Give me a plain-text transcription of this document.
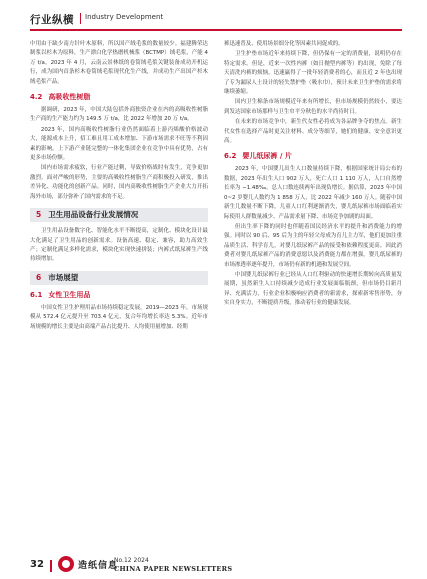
行业纵横 Industry Development

中用由于缺少南方针叶木原料，所以国产绒毛浆的数量较少。福建腾荣达制浆以杉木为原料，生产漂白化学热磨机械浆（BCTMP）绒毛浆，产能 4 万 t/a。2023 年 4 月，云南云景林纸的卷筒绒毛浆关键装备成功开机运行，成为国内首条杉木卷筒绒毛浆现代化生产线，并成功生产出国产杉木绒毛浆产品。

4.2 高吸收性树脂

据调研，2023 年，中国大陆包括外商独资企业在内的高吸收性树脂生产商的生产能力约为 149.5 万 t/a，比 2022 年增加 20 万 t/a。

2023 年，国内高吸收性树脂行业仍然面临着上游丙烯酸价格波动大，能源成本上升，招工难且用工成本增加、下游市场需求不旺等不利因素的影响。上下游产业链完整的一体化集团企业在竞争中具有优势，占有更多市场份额。

国内市场需求疲软，行业产能过剩，导致价格战时有发生，竞争更加激烈。面对严峻的形势，主要的高吸收性树脂生产商积极投入研发，推出差异化、功能化的创新产品。同时，国内高吸收性树脂生产企业大力开拓海外市场，部分弥补了国内需求的不足。

5 卫生用品设备行业发展情况

卫生用品设备数字化、智能化水平不断提高，定制化、模块化设计最大化满足了卫生用品的创新需求。设备高速、稳定、兼容，助力高效生产；定制化满足多样化需求，模块化实现快速拼装；内裤式纸尿裤生产线持续增加。

6 市场展望
6.1 女性卫生用品

中国女性卫生护理用品市场持续稳定发展，2019—2023 年，市场规模从 572.4 亿元提升至 703.4 亿元，复合年均增长率达 5.3%。近年市场规模的增长主要是由高端产品占比提升、人均使用量增加、经期

裤迅速普及、使用场景细分化等因素共同促成的。

卫生护垫市场近年来持续下降，但仍保有一定的消费量，说明仍存在特定需求。但是，近来一次性内裤（如日抛型内裤等）的出现，免除了每天清洗内裤的烦恼，迅速赢得了一批年轻消费者的心，而且近 2 年也出现了专为漏尿人士设计的轻失禁护垫（吸水巾），预计未来卫生护垫的需求将继续萎缩。

国内卫生棉条市场规模近年来有所增长，但市场规模仍然较小，要达到发达国家市场那样与卫生巾平分秋色的水平尚待时日。

在未来的市场竞争中，新生代女性必将成为各品牌争夺的焦点。新生代女性在选择产品时更关注材料、成分等细节，她们的健康、安全意识更高。

6.2 婴儿纸尿裤 / 片

2023 年，中国婴儿出生人口数量持续下降，根据国家统计局公布的数据，2023 年出生人口 902 万人，死亡人口 1 110 万人，人口自然增长率为 −1.48‰，总人口数连续两年出现负增长。据估算，2023 年中国 0~2 岁婴儿人数约为 1 858 万人，比 2022 年减少 160 万人。随着中国新生儿数量不断下降，儿童人口红利逐渐消失，婴儿纸尿裤市场面临着实际使用人群数量减少、产品需求量下降、市场竞争加剧的局面。

但出生率下降的同时也伴随着国民经济水平的提升和消费能力的增强。同时以 90 后、95 后为主的年轻父母成为育儿主力军，他们更加注重品质生活、科学育儿，对婴儿纸尿裤产品的接受和依赖程度更高。因此消费者对婴儿纸尿裤产品的消费意愿以及消费能力都在增强，婴儿纸尿裤的市场渗透率逐年提升，市场仍有新的机遇和发展空间。

中国婴儿纸尿裤行业已经从人口红利驱动的快速增长期转向高质量发展期，虽然新生人口持续减少造成行业发展面临瓶颈，但市场仍目新月异、充满活力，行业企业积极响应消费者的新需求，探索新零售形势，夯实自身实力，不断提质升级，推动着行业的健康发展。

32	造纸信息
No.12 2024
CHINA PAPER NEWSLETTERS
